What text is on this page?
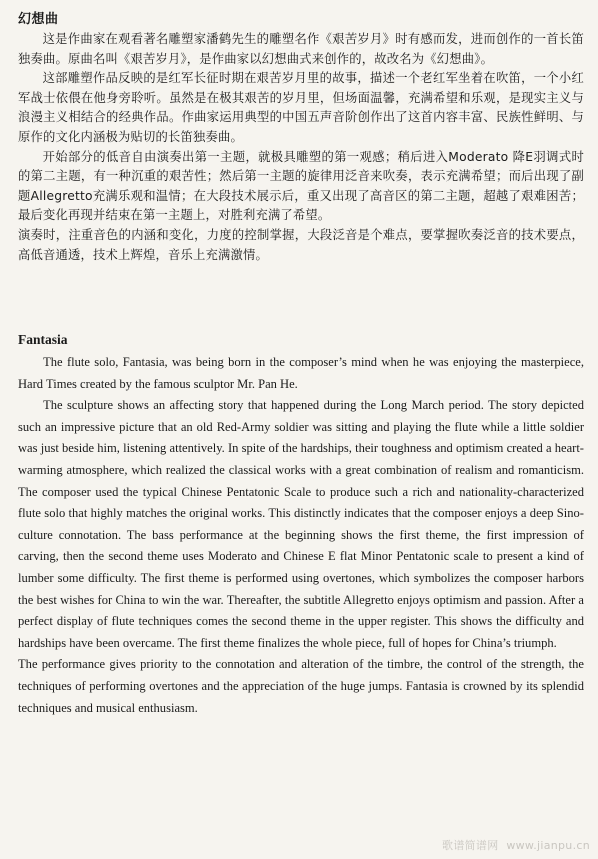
幻想曲

这是作曲家在观看著名雕塑家潘鹤先生的雕塑名作《艰苦岁月》时有感而发，进而创作的一首长笛独奏曲。原曲名叫《艰苦岁月》，是作曲家以幻想曲式来创作的，故改名为《幻想曲》。

这部雕塑作品反映的是红军长征时期在艰苦岁月里的故事，描述一个老红军坐着在吹笛，一个小红军战士依偎在他身旁聆听。虽然是在极其艰苦的岁月里，但场面温馨，充满希望和乐观，是现实主义与浪漫主义相结合的经典作品。作曲家运用典型的中国五声音阶创作出了这首内容丰富、民族性鲜明、与原作的文化内涵极为贴切的长笛独奏曲。

开始部分的低音自由演奏出第一主题，就极具雕塑的第一观感；稍后进入Moderato 降E羽调式时的第二主题，有一种沉重的艰苦性；然后第一主题的旋律用泛音来吹奏，表示充满希望；而后出现了副题Allegretto充满乐观和温情；在大段技术展示后，重又出现了高音区的第二主题，超越了艰难困苦；最后变化再现并结束在第一主题上，对胜利充满了希望。

演奏时，注重音色的内涵和变化，力度的控制掌握，大段泛音是个难点，要掌握吹奏泛音的技术要点，高低音通透，技术上辉煌，音乐上充满激情。

Fantasia

The flute solo, Fantasia, was being born in the composer’s mind when he was enjoying the masterpiece, Hard Times created by the famous sculptor Mr. Pan He.

The sculpture shows an affecting story that happened during the Long March period. The story depicted such an impressive picture that an old Red-Army soldier was sitting and playing the flute while a little soldier was just beside him, listening attentively. In spite of the hardships, their toughness and optimism created a heart-warming atmosphere, which realized the classical works with a great combination of realism and romanticism. The composer used the typical Chinese Pentatonic Scale to produce such a rich and nationality-characterized flute solo that highly matches the original works. This distinctly indicates that the composer enjoys a deep Sino-culture connotation. The bass performance at the beginning shows the first theme, the first impression of carving, then the second theme uses Moderato and Chinese E flat Minor Pentatonic scale to present a kind of lumber some difficulty. The first theme is performed using overtones, which symbolizes the composer harbors the best wishes for China to win the war. Thereafter, the subtitle Allegretto enjoys optimism and passion. After a perfect display of flute techniques comes the second theme in the upper register. This shows the difficulty and hardships have been overcame. The first theme finalizes the whole piece, full of hopes for China’s triumph.

The performance gives priority to the connotation and alteration of the timbre, the control of the strength, the techniques of performing overtones and the appreciation of the huge jumps. Fantasia is crowned by its splendid techniques and musical enthusiasm.

歌谱简谱网 www.jianpu.cn
